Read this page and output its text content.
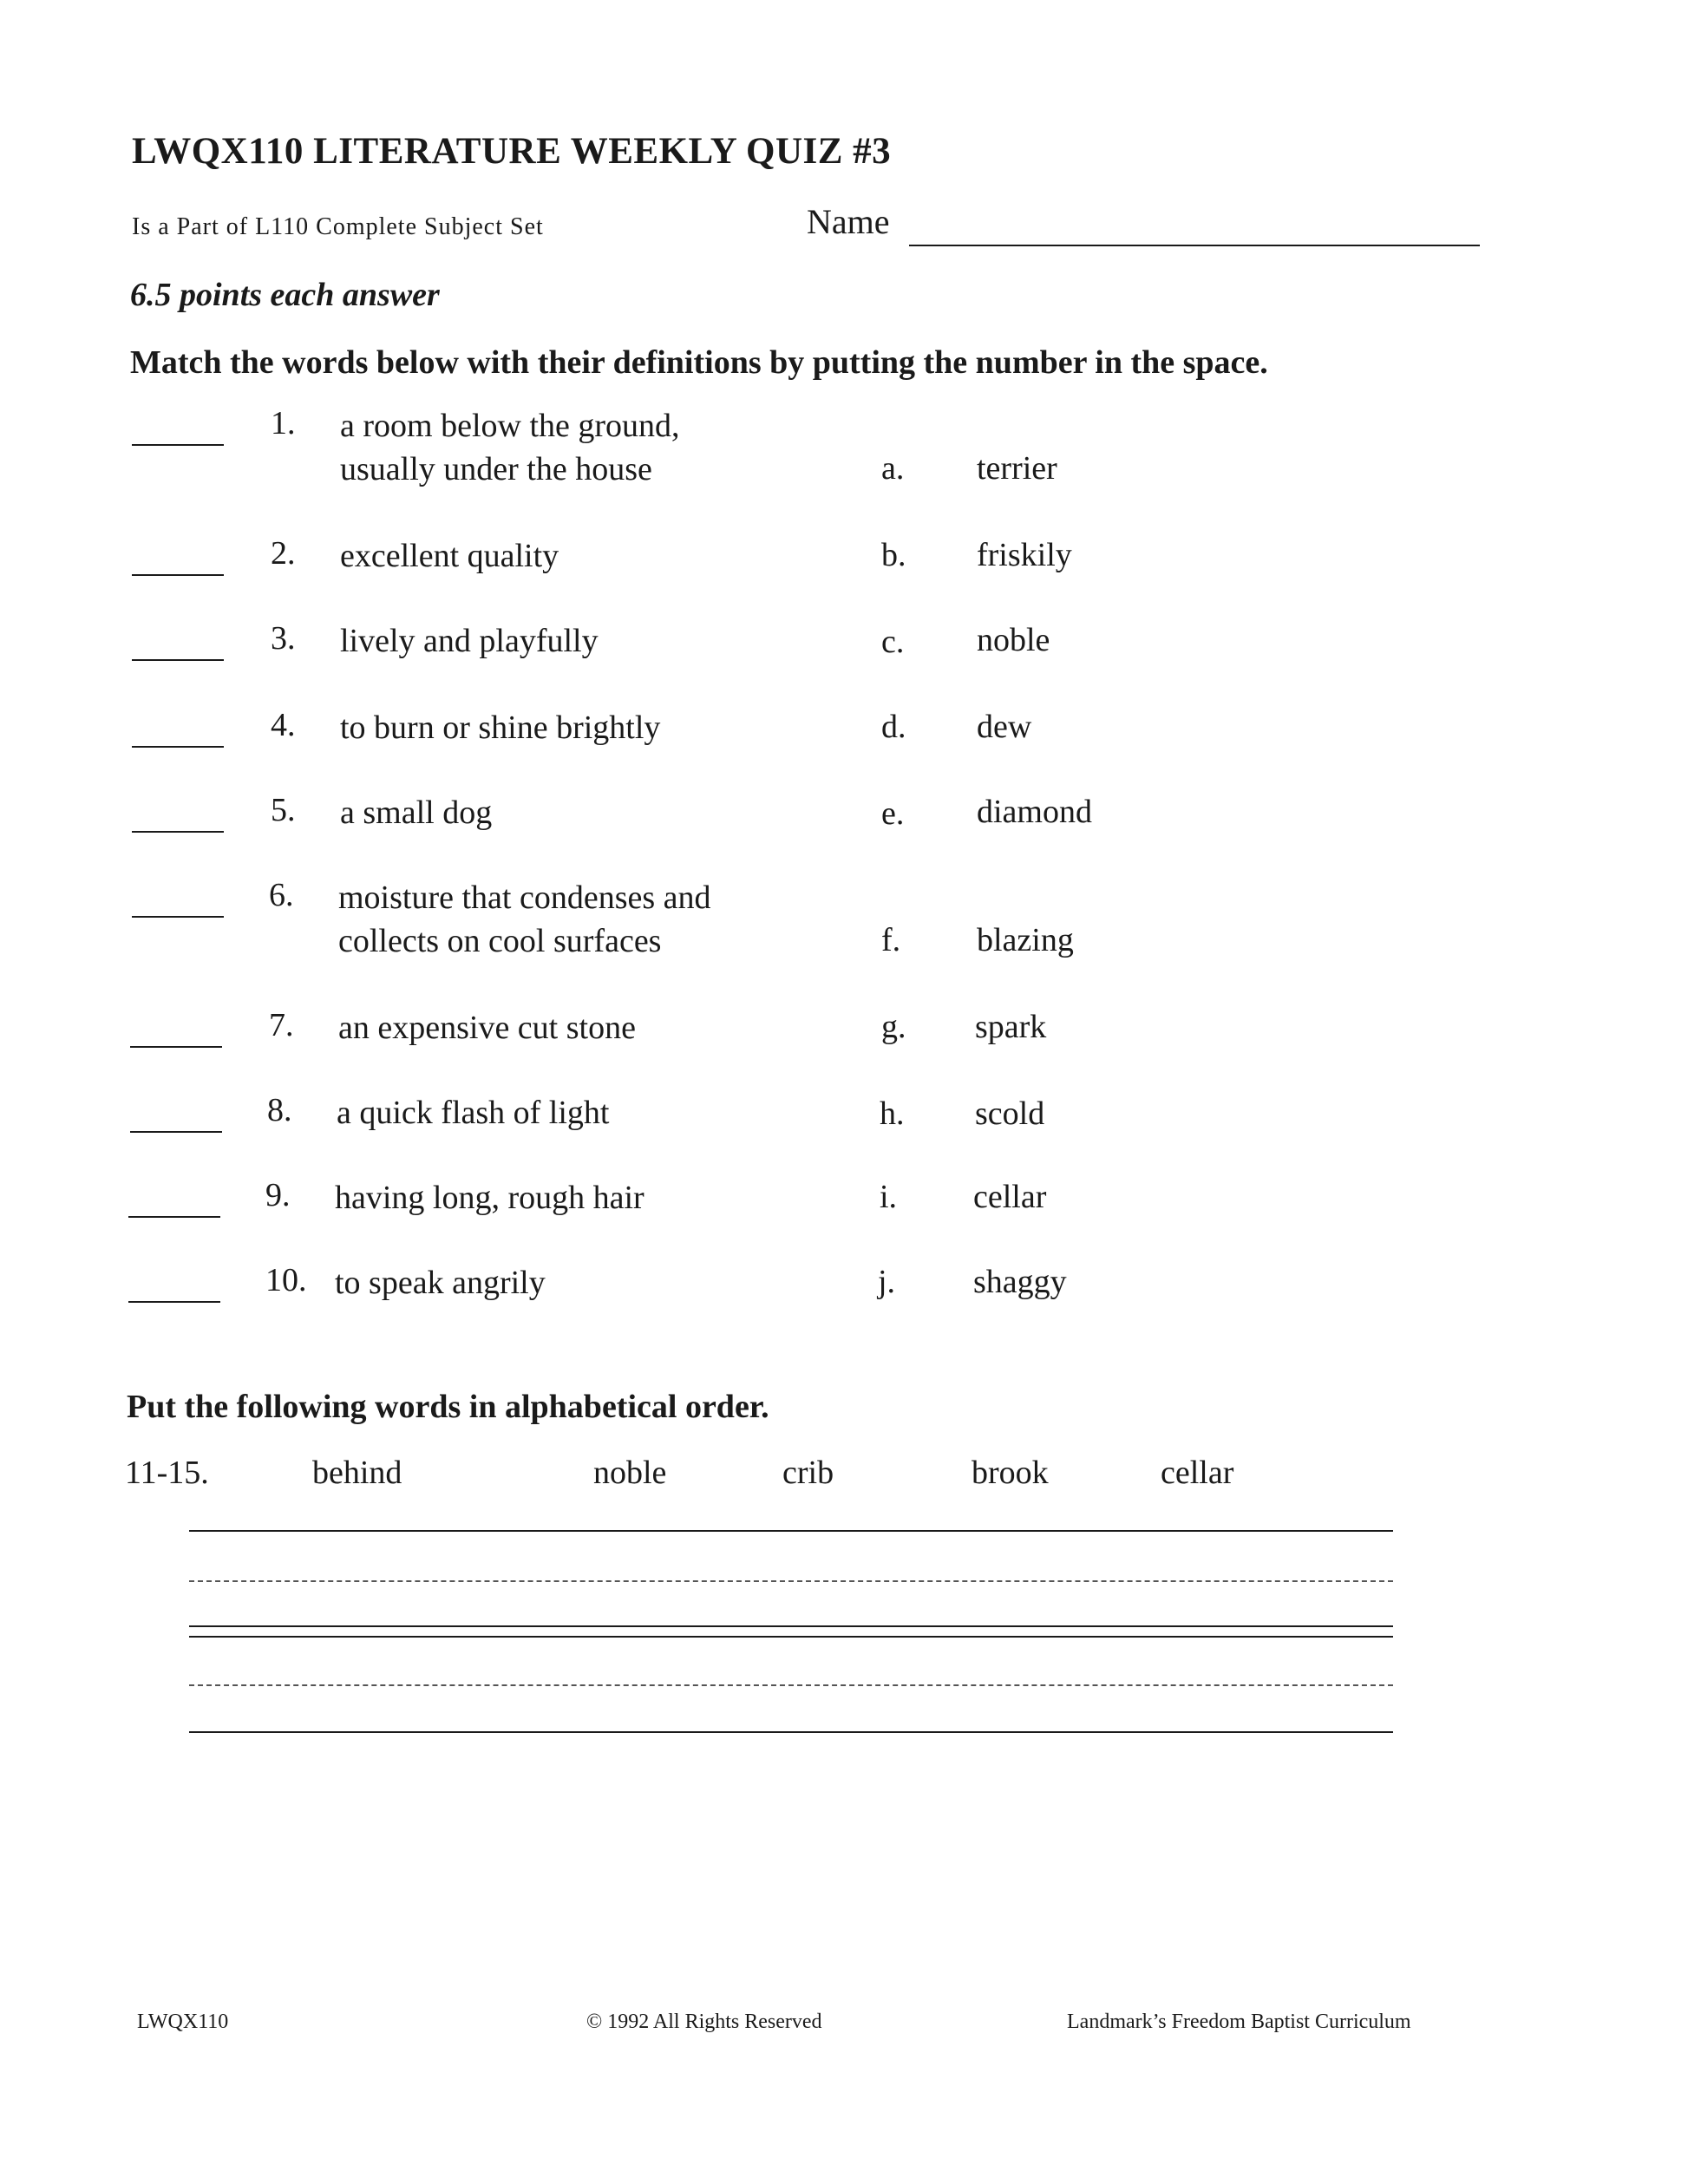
LWQX110 LITERATURE WEEKLY QUIZ #3
Is a Part of L110 Complete Subject Set	Name
6.5 points each answer
Match the words below with their definitions by putting the number in the space.
1. a room below the ground,
usually under the house	a. terrier
2. excellent quality	b. friskily
3. lively and playfully	c. noble
4. to burn or shine brightly	d. dew
5. a small dog	e. diamond
6. moisture that condenses and
collects on cool surfaces	f. blazing
7. an expensive cut stone	g. spark
8. a quick flash of light	h. scold
9. having long, rough hair	i. cellar
10. to speak angrily	j. shaggy
Put the following words in alphabetical order.
11-15.	behind	noble	crib	brook	cellar
LWQX110	© 1992 All Rights Reserved	Landmark’s Freedom Baptist Curriculum
